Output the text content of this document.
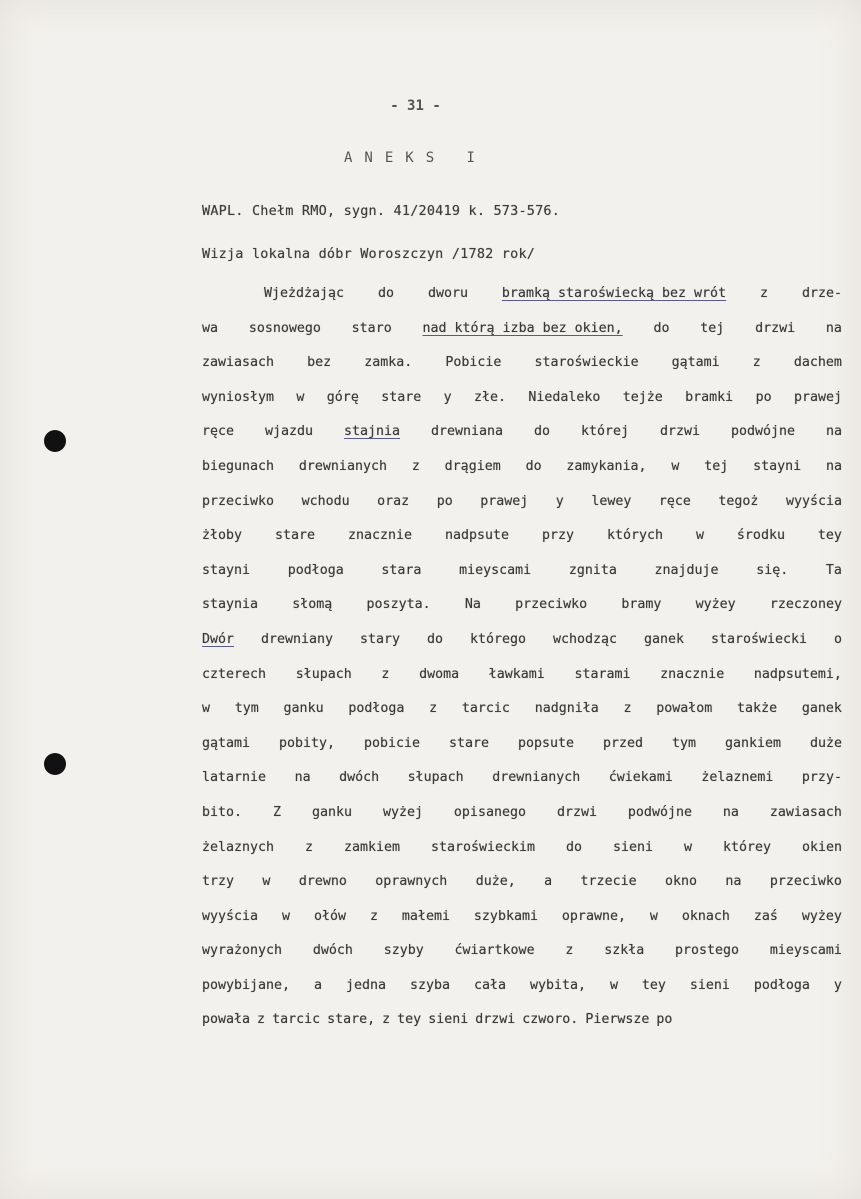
- 31 -
ANEKS I
WAPL. Chełm RMO, sygn. 41/20419 k. 573-576.
Wizja lokalna dóbr Woroszczyn /1782 rok/
Wjeżdżając	do	dworu	bramką staroświecką bez wrót	z	drze-
wa sosnowego staro nad którą izba bez okien, do tej drzwi na
zawiasach bez zamka. Pobicie staroświeckie gątami z dachem
wyniosłym w górę stare y złe. Niedaleko tejże bramki po prawej
ręce wjazdu stajnia drewniana do której drzwi podwójne na
biegunach drewnianych z drągiem do zamykania, w tej stayni na
przeciwko wchodu oraz po prawej y lewey ręce tegoż wyyścia
żłoby stare znacznie nadpsute przy których w środku tey
stayni	podłoga	stara	mieyscami	zgnita	znajduje	się.	Ta
staynia	słomą	poszyta.	Na	przeciwko	bramy	wyżey	rzeczoney
Dwór drewniany stary do którego wchodząc ganek staroświecki o
czterech słupach z dwoma ławkami starami znacznie nadpsutemi,
w tym ganku podłoga z tarcic nadgniła z powałom także ganek
gątami pobity, pobicie stare popsute przed tym gankiem duże
latarnie na dwóch słupach drewnianych ćwiekami żelaznemi przy-
bito. Z ganku wyżej opisanego drzwi podwójne na zawiasach
żelaznych z zamkiem staroświeckim do sieni w którey okien
trzy w drewno oprawnych duże, a trzecie okno na przeciwko
wyyścia w ołów z małemi szybkami oprawne, w oknach zaś wyżey
wyrażonych dwóch szyby ćwiartkowe z szkła prostego mieyscami
powybijane, a jedna szyba cała wybita, w tey sieni podłoga y
powała z tarcic stare, z tey sieni drzwi czworo. Pierwsze po
